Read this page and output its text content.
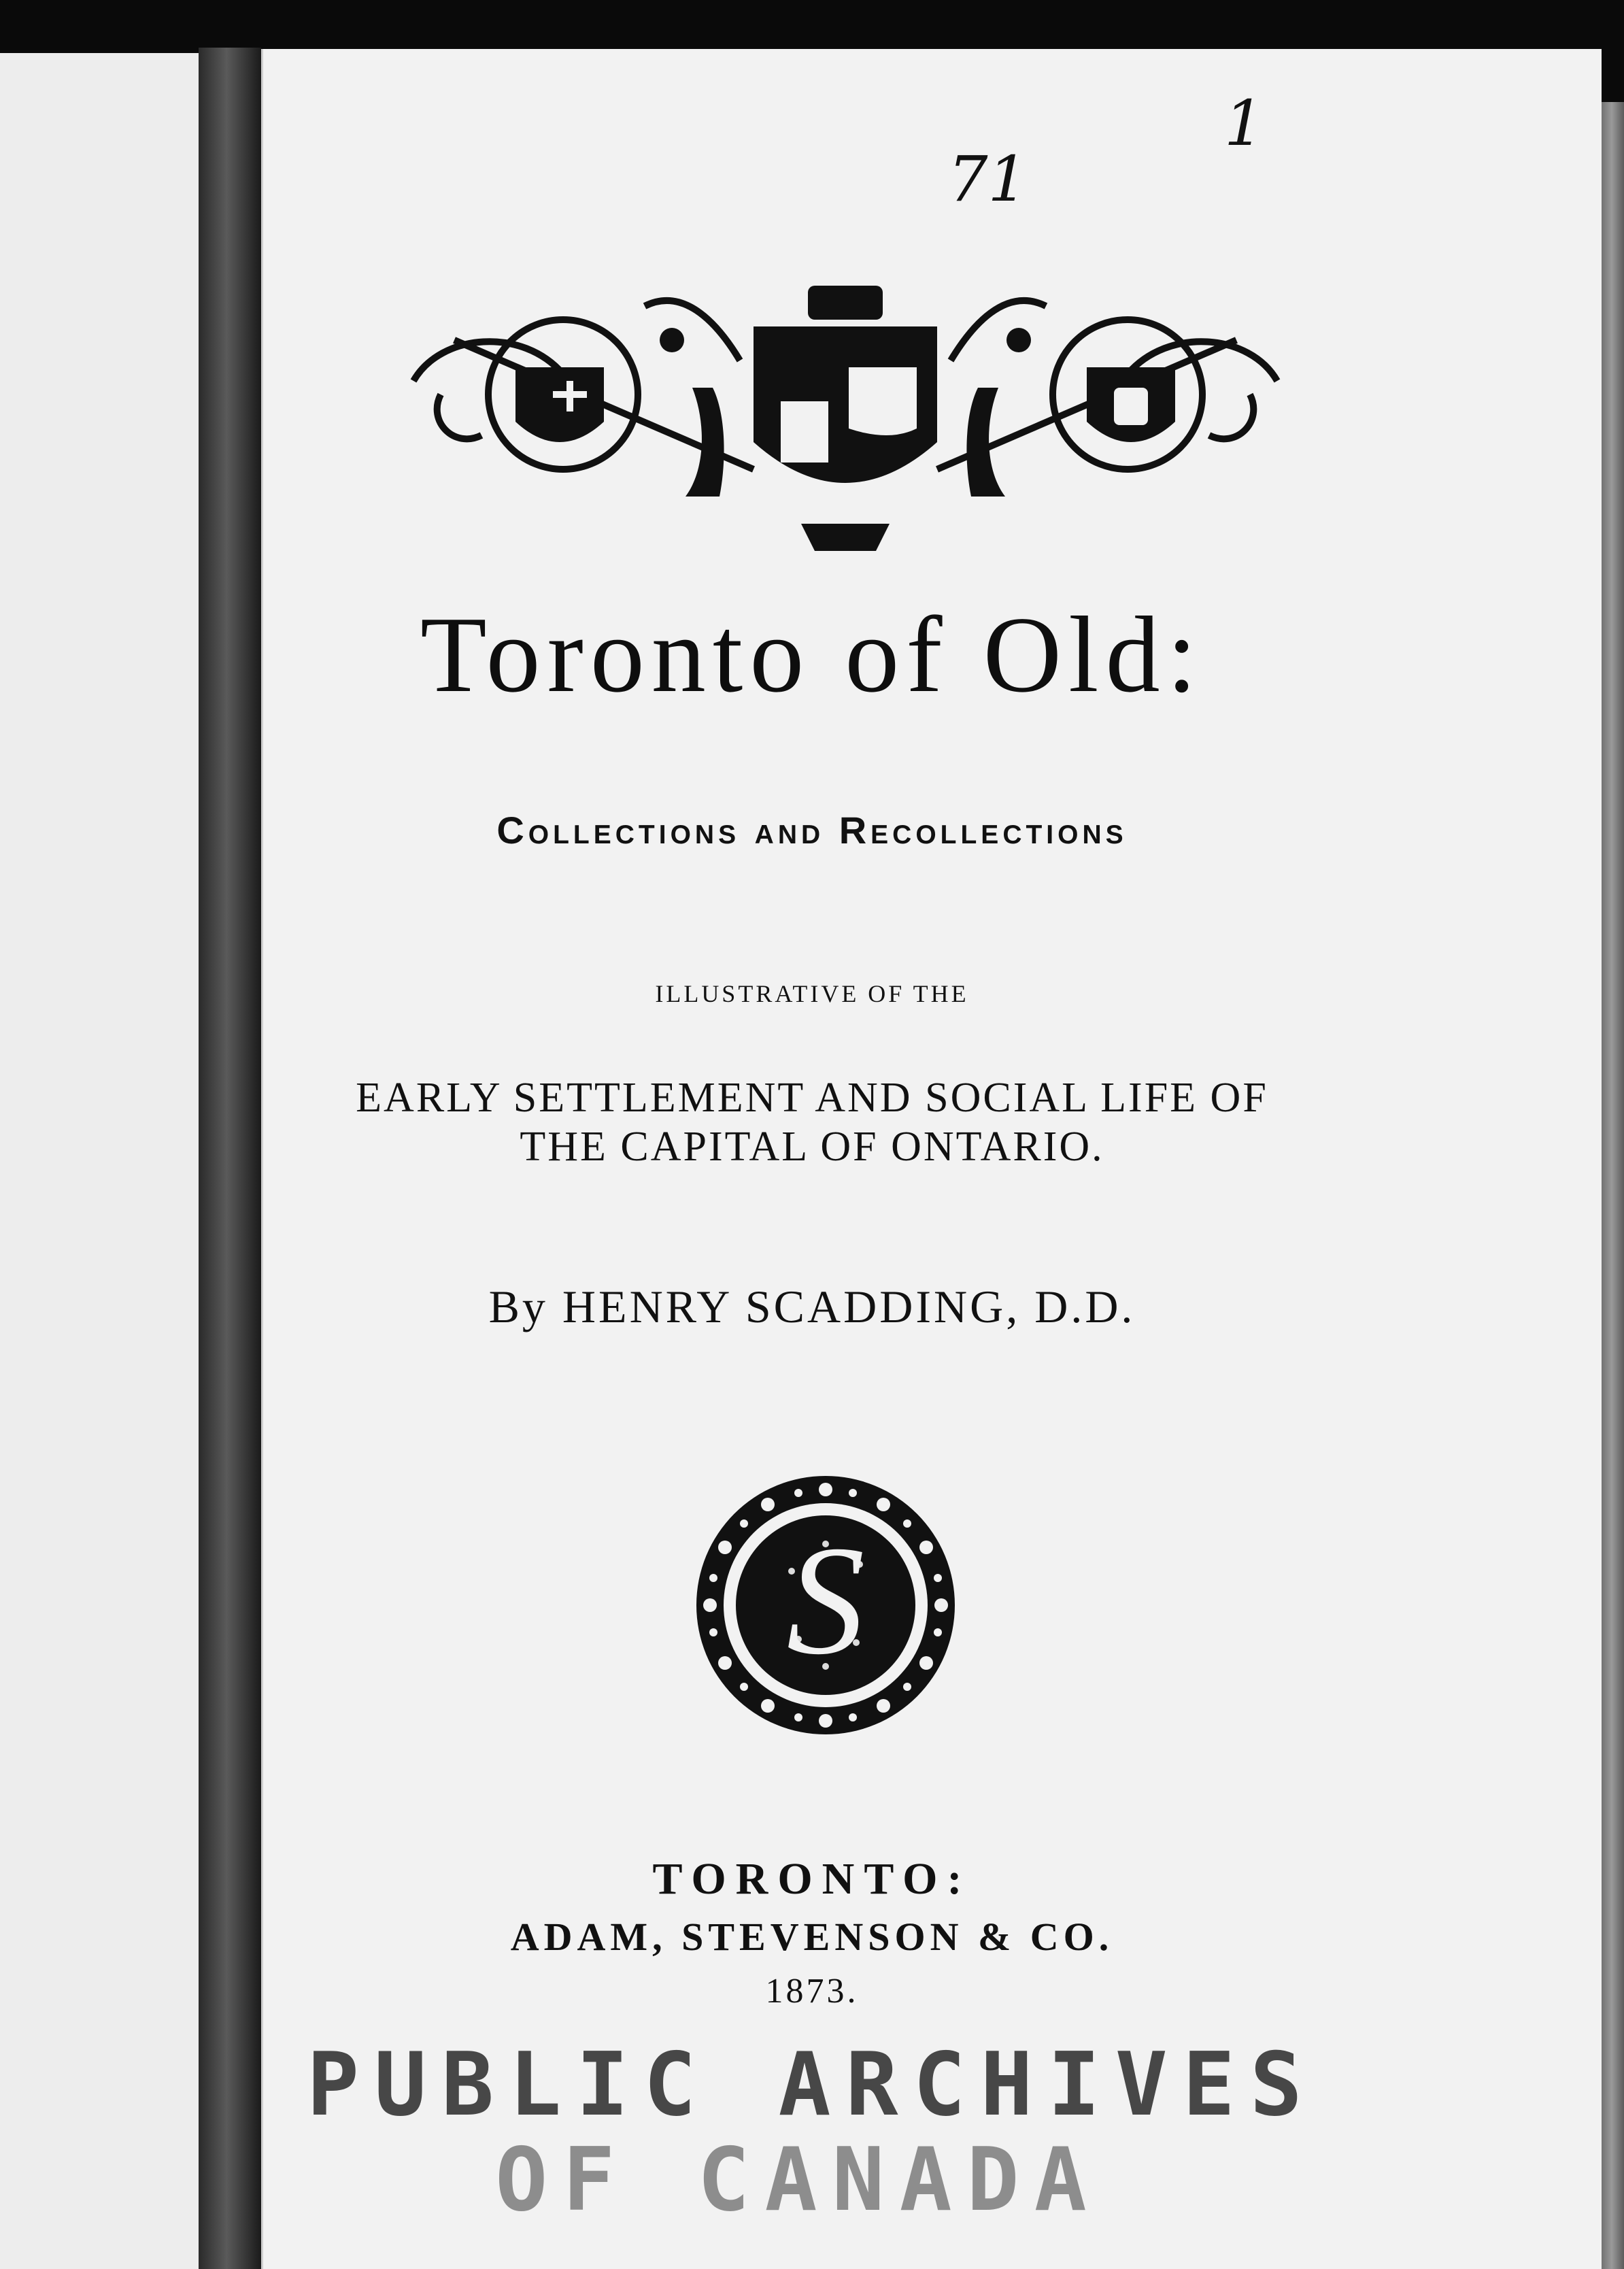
71
1
Toronto of Old:
Collections and Recollections
ILLUSTRATIVE OF THE
EARLY SETTLEMENT AND SOCIAL LIFE OF
THE CAPITAL OF ONTARIO.
By HENRY SCADDING, D.D.
S
TORONTO:
ADAM, STEVENSON & CO.
1873.
PUBLIC ARCHIVES
OF CANADA
